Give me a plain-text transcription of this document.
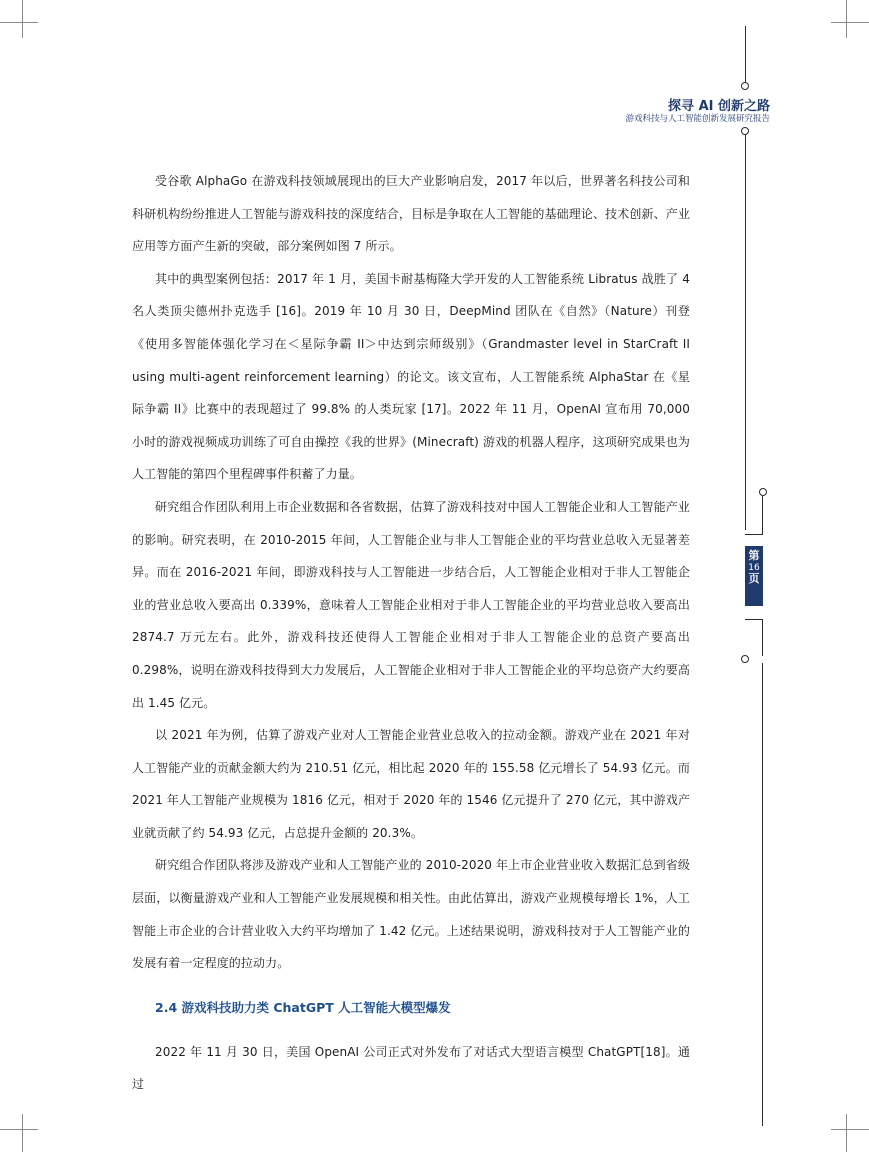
第
16
页
探寻 AI 创新之路
游戏科技与人工智能创新发展研究报告

受谷歌 AlphaGo 在游戏科技领域展现出的巨大产业影响启发，2017 年以后，世界著名科技公司和科研机构纷纷推进人工智能与游戏科技的深度结合，目标是争取在人工智能的基础理论、技术创新、产业应用等方面产生新的突破，部分案例如图 7 所示。

其中的典型案例包括：2017 年 1 月，美国卡耐基梅隆大学开发的人工智能系统 Libratus 战胜了 4 名人类顶尖德州扑克选手 [16]。2019 年 10 月 30 日，DeepMind 团队在《自然》（Nature）刊登《使用多智能体强化学习在＜星际争霸 II＞中达到宗师级别》（Grandmaster level in StarCraft II using multi-agent reinforcement learning）的论文。该文宣布，人工智能系统 AlphaStar 在《星际争霸 II》比赛中的表现超过了 99.8% 的人类玩家 [17]。2022 年 11 月，OpenAI 宣布用 70,000 小时的游戏视频成功训练了可自由操控《我的世界》(Minecraft) 游戏的机器人程序，这项研究成果也为人工智能的第四个里程碑事件积蓄了力量。

研究组合作团队利用上市企业数据和各省数据，估算了游戏科技对中国人工智能企业和人工智能产业的影响。研究表明，在 2010-2015 年间，人工智能企业与非人工智能企业的平均营业总收入无显著差异。而在 2016-2021 年间，即游戏科技与人工智能进一步结合后，人工智能企业相对于非人工智能企业的营业总收入要高出 0.339%，意味着人工智能企业相对于非人工智能企业的平均营业总收入要高出 2874.7 万元左右。此外，游戏科技还使得人工智能企业相对于非人工智能企业的总资产要高出 0.298%，说明在游戏科技得到大力发展后，人工智能企业相对于非人工智能企业的平均总资产大约要高出 1.45 亿元。

以 2021 年为例，估算了游戏产业对人工智能企业营业总收入的拉动金额。游戏产业在 2021 年对人工智能产业的贡献金额大约为 210.51 亿元，相比起 2020 年的 155.58 亿元增长了 54.93 亿元。而 2021 年人工智能产业规模为 1816 亿元，相对于 2020 年的 1546 亿元提升了 270 亿元，其中游戏产业就贡献了约 54.93 亿元，占总提升金额的 20.3%。

研究组合作团队将涉及游戏产业和人工智能产业的 2010-2020 年上市企业营业收入数据汇总到省级层面，以衡量游戏产业和人工智能产业发展规模和相关性。由此估算出，游戏产业规模每增长 1%，人工智能上市企业的合计营业收入大约平均增加了 1.42 亿元。上述结果说明，游戏科技对于人工智能产业的发展有着一定程度的拉动力。

2.4 游戏科技助力类 ChatGPT 人工智能大模型爆发

2022 年 11 月 30 日，美国 OpenAI 公司正式对外发布了对话式大型语言模型 ChatGPT[18]。通过
